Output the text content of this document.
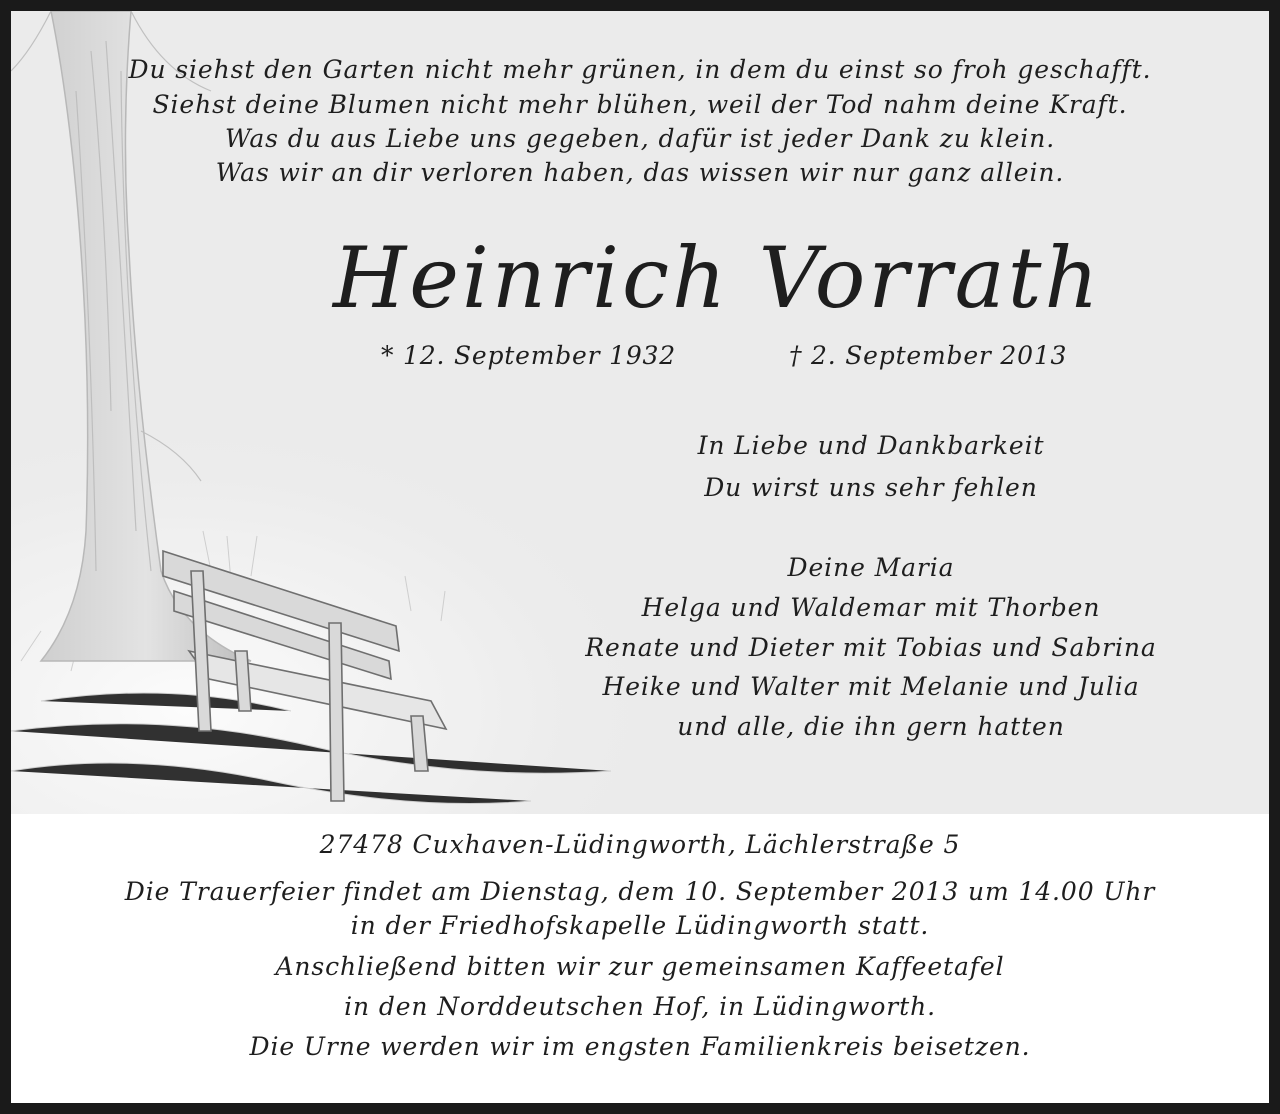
Du siehst den Garten nicht mehr grünen, in dem du einst so froh geschafft.
Siehst deine Blumen nicht mehr blühen, weil der Tod nahm deine Kraft.
Was du aus Liebe uns gegeben, dafür ist jeder Dank zu klein.
Was wir an dir verloren haben, das wissen wir nur ganz allein.
Heinrich Vorrath
* 12. September 1932	† 2. September 2013
In Liebe und Dankbarkeit
Du wirst uns sehr fehlen
Deine Maria
Helga und Waldemar mit Thorben
Renate und Dieter mit Tobias und Sabrina
Heike und Walter mit Melanie und Julia
und alle, die ihn gern hatten
27478 Cuxhaven-Lüdingworth, Lächlerstraße 5
Die Trauerfeier findet am Dienstag, dem 10. September 2013 um 14.00 Uhr
in der Friedhofskapelle Lüdingworth statt.
Anschließend bitten wir zur gemeinsamen Kaffeetafel
in den Norddeutschen Hof, in Lüdingworth.
Die Urne werden wir im engsten Familienkreis beisetzen.
